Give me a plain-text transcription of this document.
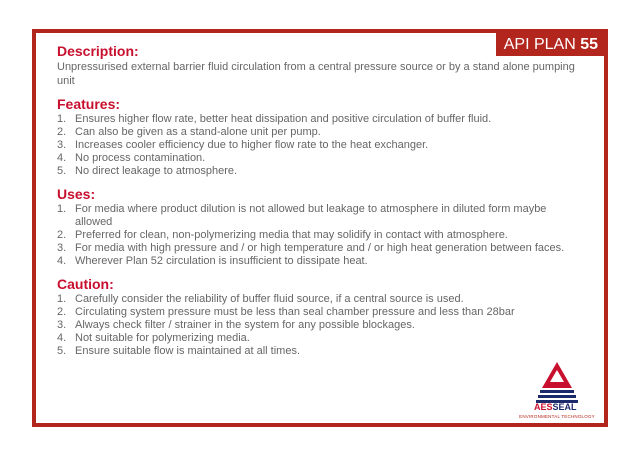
API PLAN 55

Description:

Unpressurised external barrier fluid circulation from a central pressure source or by a stand alone pumping unit

Features:

1. Ensures higher flow rate, better heat dissipation and positive circulation of buffer fluid.
2. Can also be given as a stand-alone unit per pump.
3. Increases cooler efficiency due to higher flow rate to the heat exchanger.
4. No process contamination.
5. No direct leakage to atmosphere.

Uses:

1. For media where product dilution is not allowed but leakage to atmosphere in diluted form maybe allowed
2. Preferred for clean, non-polymerizing media that may solidify in contact with atmosphere.
3. For media with high pressure and / or high temperature and / or high heat generation between faces.
4. Wherever Plan 52 circulation is insufficient to dissipate heat.

Caution:

1. Carefully consider the reliability of buffer fluid source, if a central source is used.
2. Circulating system pressure must be less than seal chamber pressure and less than 28bar
3. Always check filter / strainer in the system for any possible blockages.
4. Not suitable for polymerizing media.
5. Ensure suitable flow is maintained at all times.
AESSEAL
ENVIRONMENTAL TECHNOLOGY
